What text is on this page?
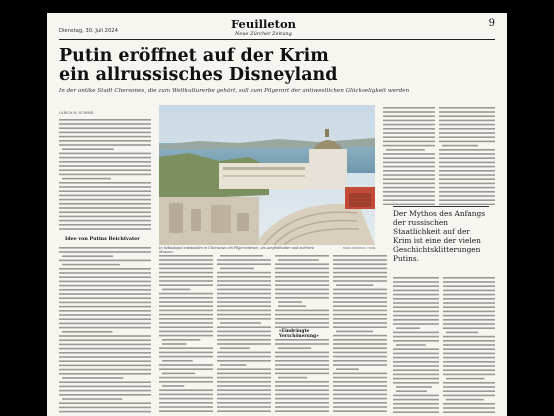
Dienstag, 30. Juli 2024	Feuilleton
Neue Zürcher Zeitung
9
Putin eröffnet auf der Krim
ein allrussisches Disneyland
In der antike Stadt Chersones, die zum Weltkulturerbe gehört, soll zum Pilgerort der antiwestlichen Glückseligkeit werden
ULRICH M. SCHMID
Idee von Putins Beichtvater
In Sebastopol entstanden in Chersones ein Pilgerzentrum, ein Amphitheater und mehrere Museen.
MAKS SIDOROV / TASS
Der Mythos des Anfangs der russischen Staatlichkeit auf der Krim ist eine der vielen Geschichtsklitterungen Putins.
«Eindrängte Verschönerung»
